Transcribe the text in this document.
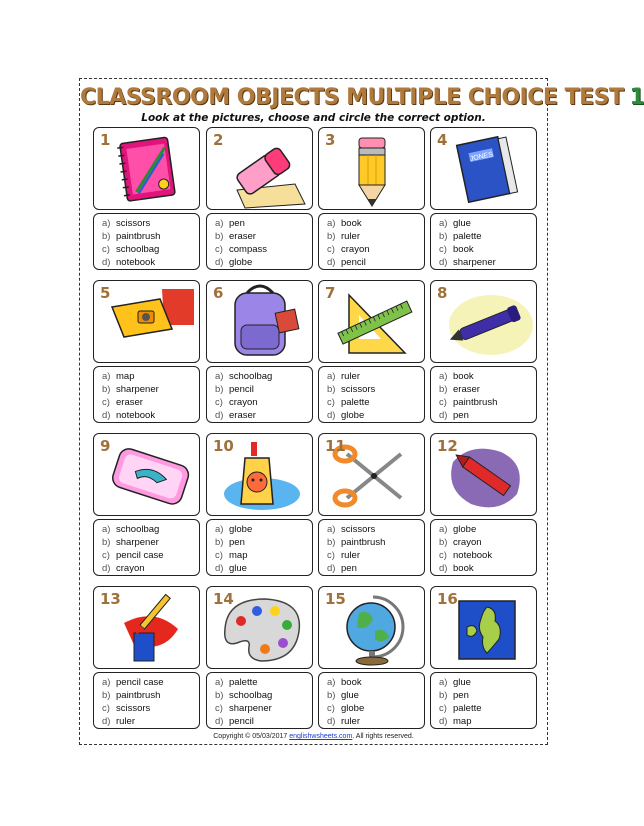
CLASSROOM OBJECTS MULTIPLE CHOICE TEST 1
Look at the pictures, choose and circle the correct option.
1
a) scissors
b) paintbrush
c) schoolbag
d) notebook
2
a) pen
b) eraser
c) compass
d) globe
3
a) book
b) ruler
c) crayon
d) pencil
JONES
4
a) glue
b) palette
c) book
d) sharpener
5
a) map
b) sharpener
c) eraser
d) notebook
6
a) schoolbag
b) pencil
c) crayon
d) eraser
7
a) ruler
b) scissors
c) palette
d) globe
8
a) book
b) eraser
c) paintbrush
d) pen
9
a) schoolbag
b) sharpener
c) pencil case
d) crayon
10
a) globe
b) pen
c) map
d) glue
11
a) scissors
b) paintbrush
c) ruler
d) pen
12
a) globe
b) crayon
c) notebook
d) book
13
a) pencil case
b) paintbrush
c) scissors
d) ruler
14
a) palette
b) schoolbag
c) sharpener
d) pencil
15
a) book
b) glue
c) globe
d) ruler
16
a) glue
b) pen
c) palette
d) map
Copyright © 05/03/2017 englishwsheets.com. All rights reserved.
